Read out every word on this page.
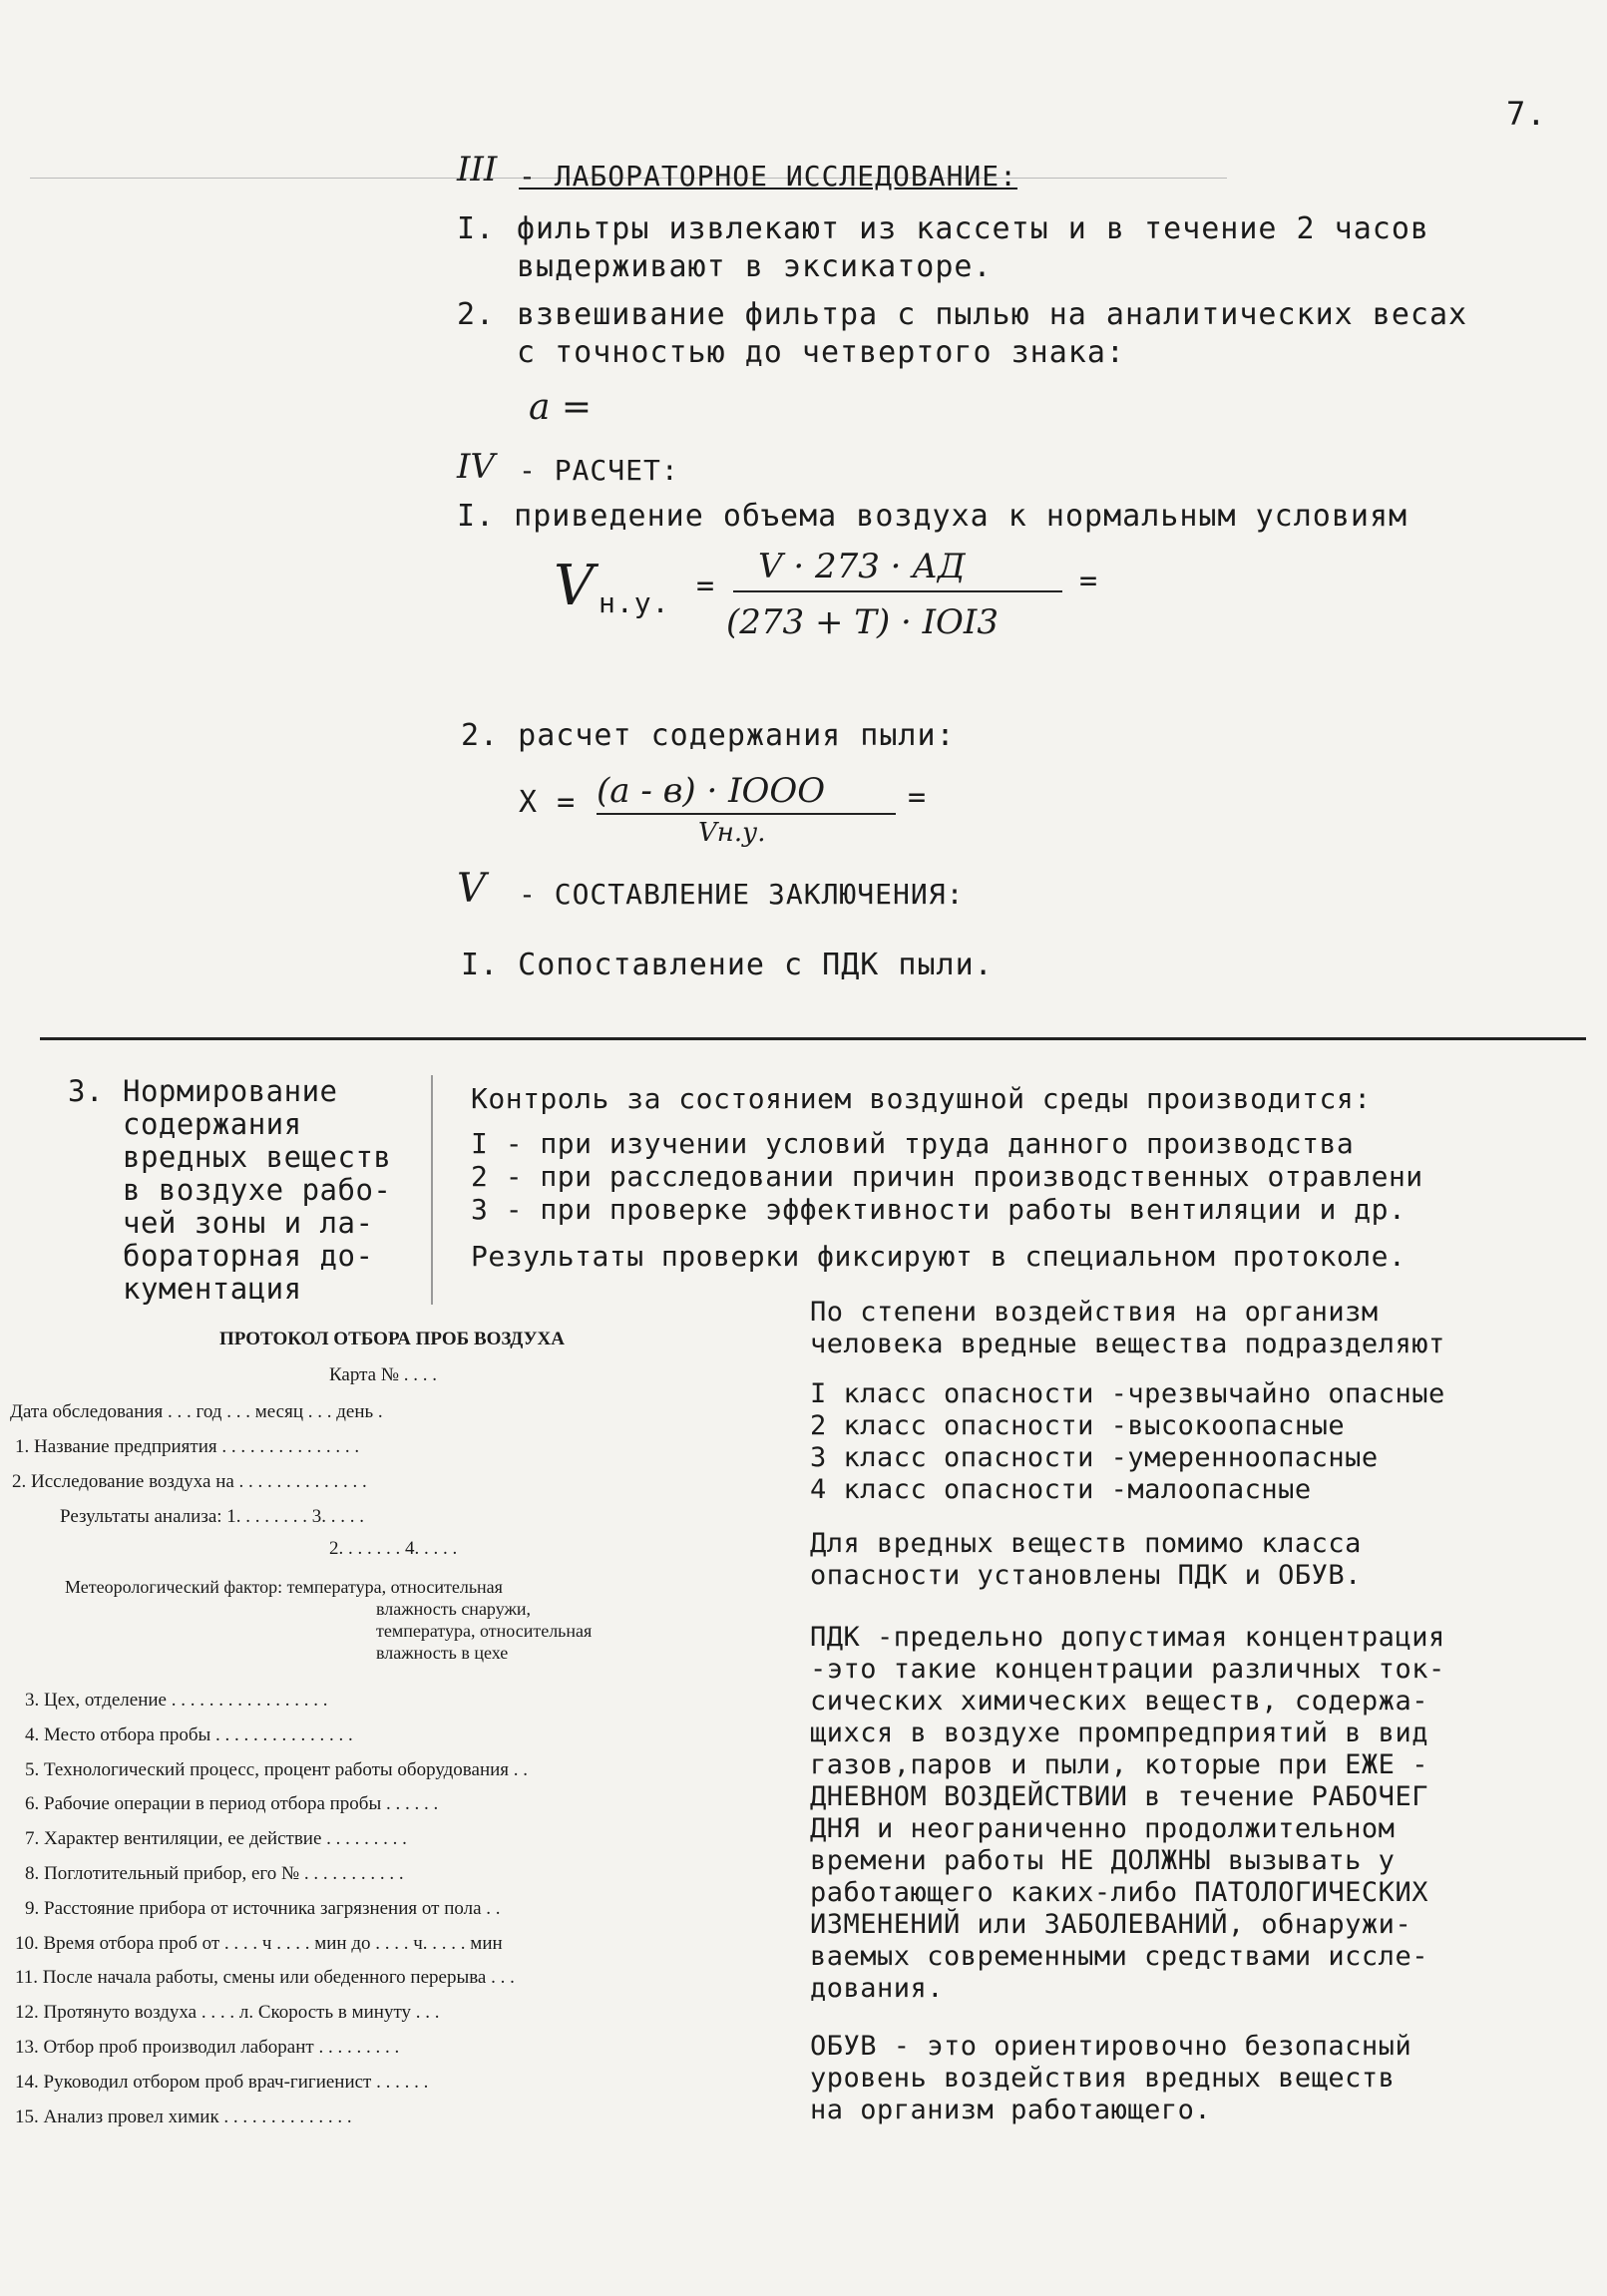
7.
III - ЛАБОРАТОРНОЕ ИССЛЕДОВАНИЕ:
I. фильтры извлекают из кассеты и в течение 2 часов
выдерживают в эксикаторе.
2. взвешивание фильтра с пылью на аналитических весах
с точностью до четвертого знака:
a =
IV - РАСЧЕТ:
I. приведение объема воздуха к нормальным условиям
V н.у. = V · 273 · АД
(273 + T) · IOI3
=
2. расчет содержания пыли:
X = (a - в) · IOOO
Vн.у.
=
V - СОСТАВЛЕНИЕ ЗАКЛЮЧЕНИЯ:
I. Сопоставление с ПДК пыли.
3. Нормирование
содержания
вредных веществ
в воздухе рабо-
чей зоны и ла-
бораторная до-
кументация
Контроль за состоянием воздушной среды производится:
I - при изучении условий труда данного производства
2 - при расследовании причин производственных отравлени
3 - при проверке эффективности работы вентиляции и др.
Результаты проверки фиксируют в специальном протоколе.
По степени воздействия на организм
человека вредные вещества подразделяют
I класс опасности -чрезвычайно опасные
2 класс опасности -высокоопасные
3 класс опасности -умеренноопасные
4 класс опасности -малоопасные
Для вредных веществ помимо класса
опасности установлены ПДК и ОБУВ.
ПДК -предельно допустимая концентрация
-это такие концентрации различных ток-
сических химических веществ, содержа-
щихся в воздухе промпредприятий в вид
газов,паров и пыли, которые при ЕЖЕ -
ДНЕВНОМ ВОЗДЕЙСТВИИ в течение РАБОЧЕГ
ДНЯ и неограниченно продолжительном
времени работы НЕ ДОЛЖНЫ вызывать у
работающего каких-либо ПАТОЛОГИЧЕСКИХ
ИЗМЕНЕНИЙ или ЗАБОЛЕВАНИЙ, обнаружи-
ваемых современными средствами иссле-
дования.
ОБУВ - это ориентировочно безопасный
уровень воздействия вредных веществ
на организм работающего.
ПРОТОКОЛ ОТБОРА ПРОБ ВОЗДУХА
Карта № . . . .
Дата обследования . . . год . . . месяц . . . день .
1. Название предприятия . . . . . . . . . . . . . . .
2. Исследование воздуха на . . . . . . . . . . . . . .
Результаты анализа: 1. . . . . . . . 3. . . . .
2. . . . . . . 4. . . . .
Метеорологический фактор: температура, относительная
влажность снаружи,
температура, относительная
влажность в цехе
3. Цех, отделение . . . . . . . . . . . . . . . . .
4. Место отбора пробы . . . . . . . . . . . . . . .
5. Технологический процесс, процент работы оборудования . .
6. Рабочие операции в период отбора пробы . . . . . .
7. Характер вентиляции, ее действие . . . . . . . . .
8. Поглотительный прибор, его № . . . . . . . . . . .
9. Расстояние прибора от источника загрязнения от пола . .
10. Время отбора проб от . . . . ч . . . . мин до . . . . ч. . . . . мин
11. После начала работы, смены или обеденного перерыва . . .
12. Протянуто воздуха . . . . л. Скорость в минуту . . .
13. Отбор проб производил лаборант . . . . . . . . .
14. Руководил отбором проб врач-гигиенист . . . . . .
15. Анализ провел химик . . . . . . . . . . . . . .
